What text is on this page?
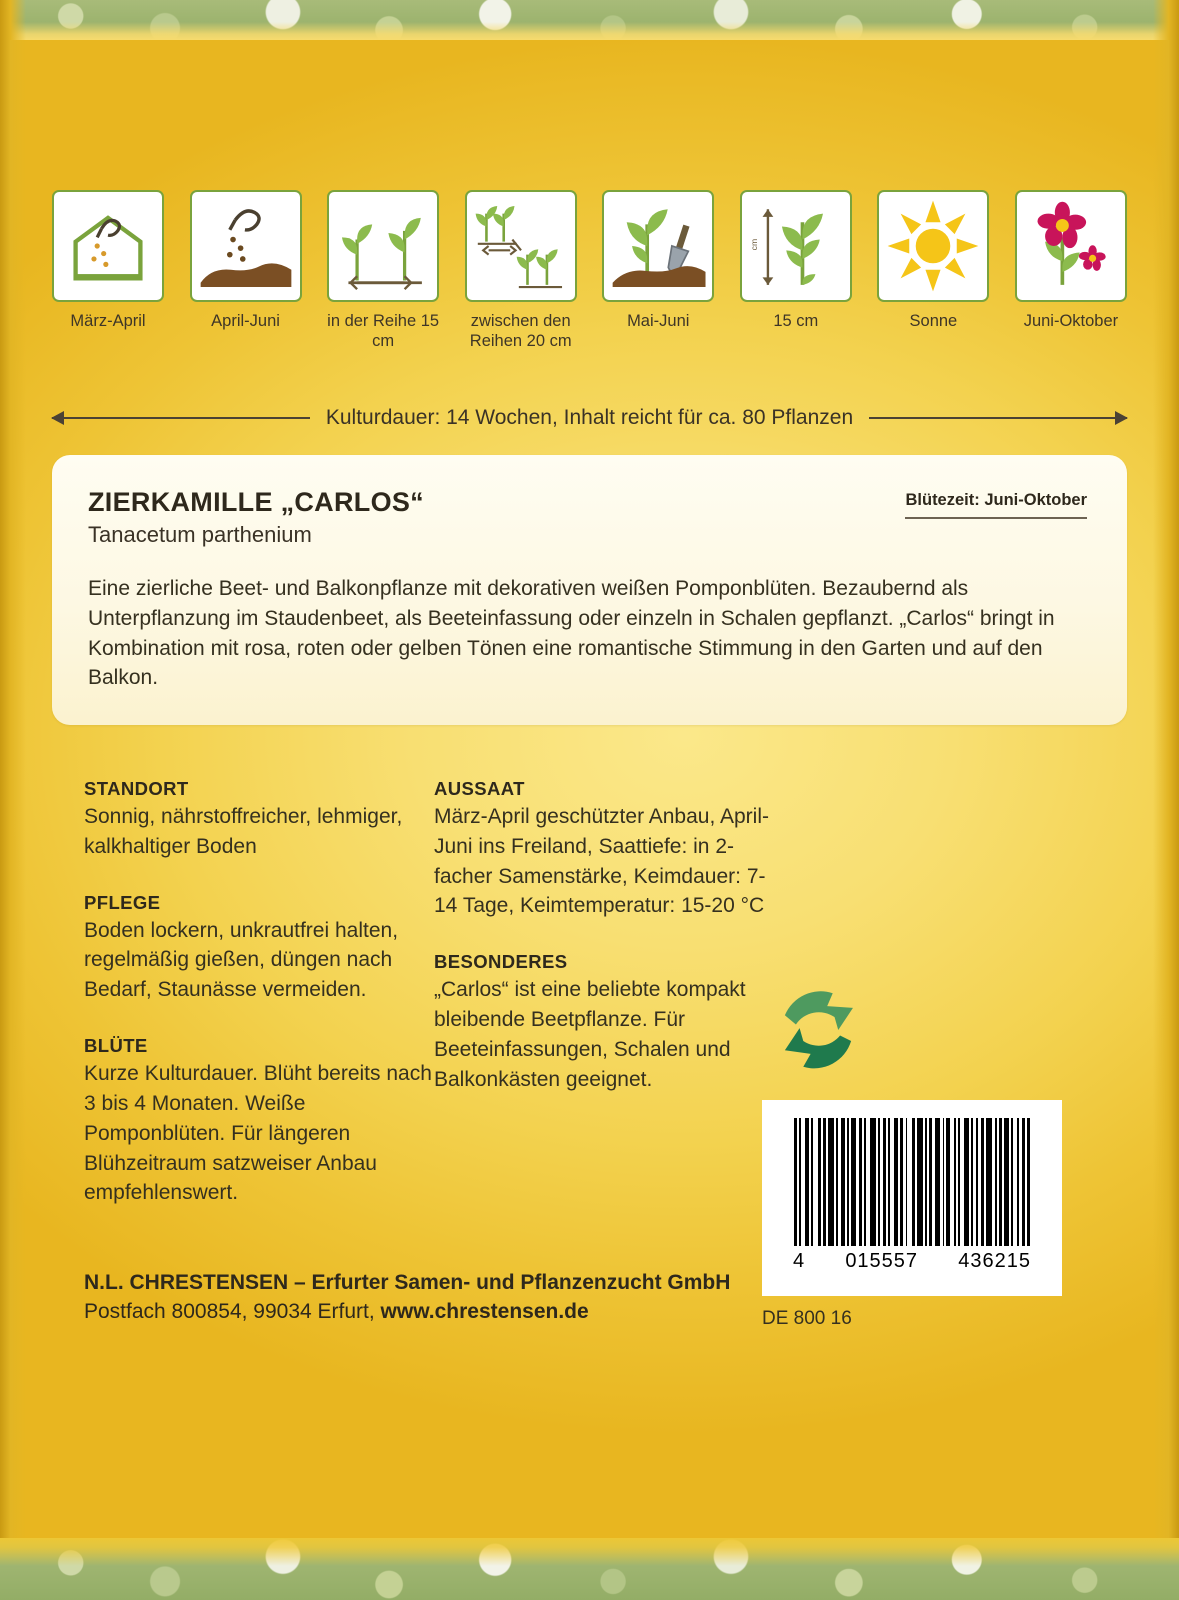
März-April	April-Juni	in der Reihe 15 cm
zwischen den Reihen 20 cm
Mai-Juni
cm
15 cm	Sonne	Juni-Oktober
Kulturdauer: 14 Wochen, Inhalt reicht für ca. 80 Pflanzen
ZIERKAMILLE „CARLOS“

Tanacetum parthenium

Blütezeit: Juni-Oktober

Eine zierliche Beet- und Balkonpflanze mit dekorativen weißen Pomponblüten. Bezaubernd als Unterpflanzung im Staudenbeet, als Beeteinfassung oder einzeln in Schalen gepflanzt. „Carlos“ bringt in Kombination mit rosa, roten oder gelben Tönen eine romantische Stimmung in den Garten und auf den Balkon.

STANDORT

Sonnig, nährstoffreicher, lehmiger, kalkhaltiger Boden

PFLEGE

Boden lockern, unkrautfrei halten, regelmäßig gießen, düngen nach Bedarf, Staunässe vermeiden.

BLÜTE

Kurze Kulturdauer. Blüht bereits nach 3 bis 4 Monaten. Weiße Pomponblüten. Für längeren Blühzeitraum satzweiser Anbau empfehlenswert.

AUSSAAT

März-April geschützter Anbau, April-Juni ins Freiland, Saattiefe: in 2-facher Samenstärke, Keimdauer: 7-14 Tage, Keimtemperatur: 15-20 °C

BESONDERES

„Carlos“ ist eine beliebte kompakt bleibende Beetpflanze. Für Beeteinfassungen, Schalen und Balkonkästen geeignet.

4 015557 436215
DE 800 16
N.L. CHRESTENSEN – Erfurter Samen- und Pflanzenzucht GmbH
Postfach 800854, 99034 Erfurt, www.chrestensen.de
